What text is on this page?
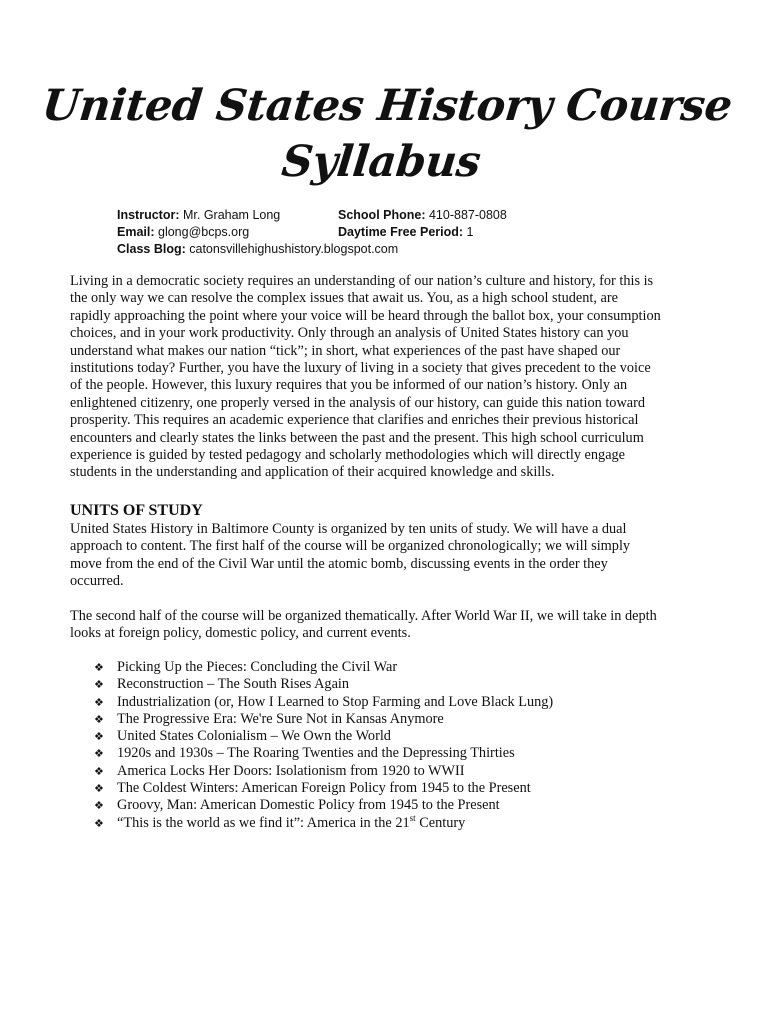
United States History Course
Syllabus
Instructor: Mr. Graham Long	School Phone: 410-887-0808
Email: glong@bcps.org	Daytime Free Period: 1
Class Blog: catonsvillehighushistory.blogspot.com
Living in a democratic society requires an understanding of our nation’s culture and history, for this is
the only way we can resolve the complex issues that await us. You, as a high school student, are
rapidly approaching the point where your voice will be heard through the ballot box, your consumption
choices, and in your work productivity. Only through an analysis of United States history can you
understand what makes our nation “tick”; in short, what experiences of the past have shaped our
institutions today? Further, you have the luxury of living in a society that gives precedent to the voice
of the people. However, this luxury requires that you be informed of our nation’s history. Only an
enlightened citizenry, one properly versed in the analysis of our history, can guide this nation toward
prosperity. This requires an academic experience that clarifies and enriches their previous historical
encounters and clearly states the links between the past and the present. This high school curriculum
experience is guided by tested pedagogy and scholarly methodologies which will directly engage
students in the understanding and application of their acquired knowledge and skills.
UNITS OF STUDY
United States History in Baltimore County is organized by ten units of study. We will have a dual
approach to content. The first half of the course will be organized chronologically; we will simply
move from the end of the Civil War until the atomic bomb, discussing events in the order they
occurred.
The second half of the course will be organized thematically. After World War II, we will take in depth
looks at foreign policy, domestic policy, and current events.
❖ Picking Up the Pieces: Concluding the Civil War
❖ Reconstruction – The South Rises Again
❖ Industrialization (or, How I Learned to Stop Farming and Love Black Lung)
❖ The Progressive Era: We're Sure Not in Kansas Anymore
❖ United States Colonialism – We Own the World
❖ 1920s and 1930s – The Roaring Twenties and the Depressing Thirties
❖ America Locks Her Doors: Isolationism from 1920 to WWII
❖ The Coldest Winters: American Foreign Policy from 1945 to the Present
❖ Groovy, Man: American Domestic Policy from 1945 to the Present
❖ “This is the world as we find it”: America in the 21st Century
